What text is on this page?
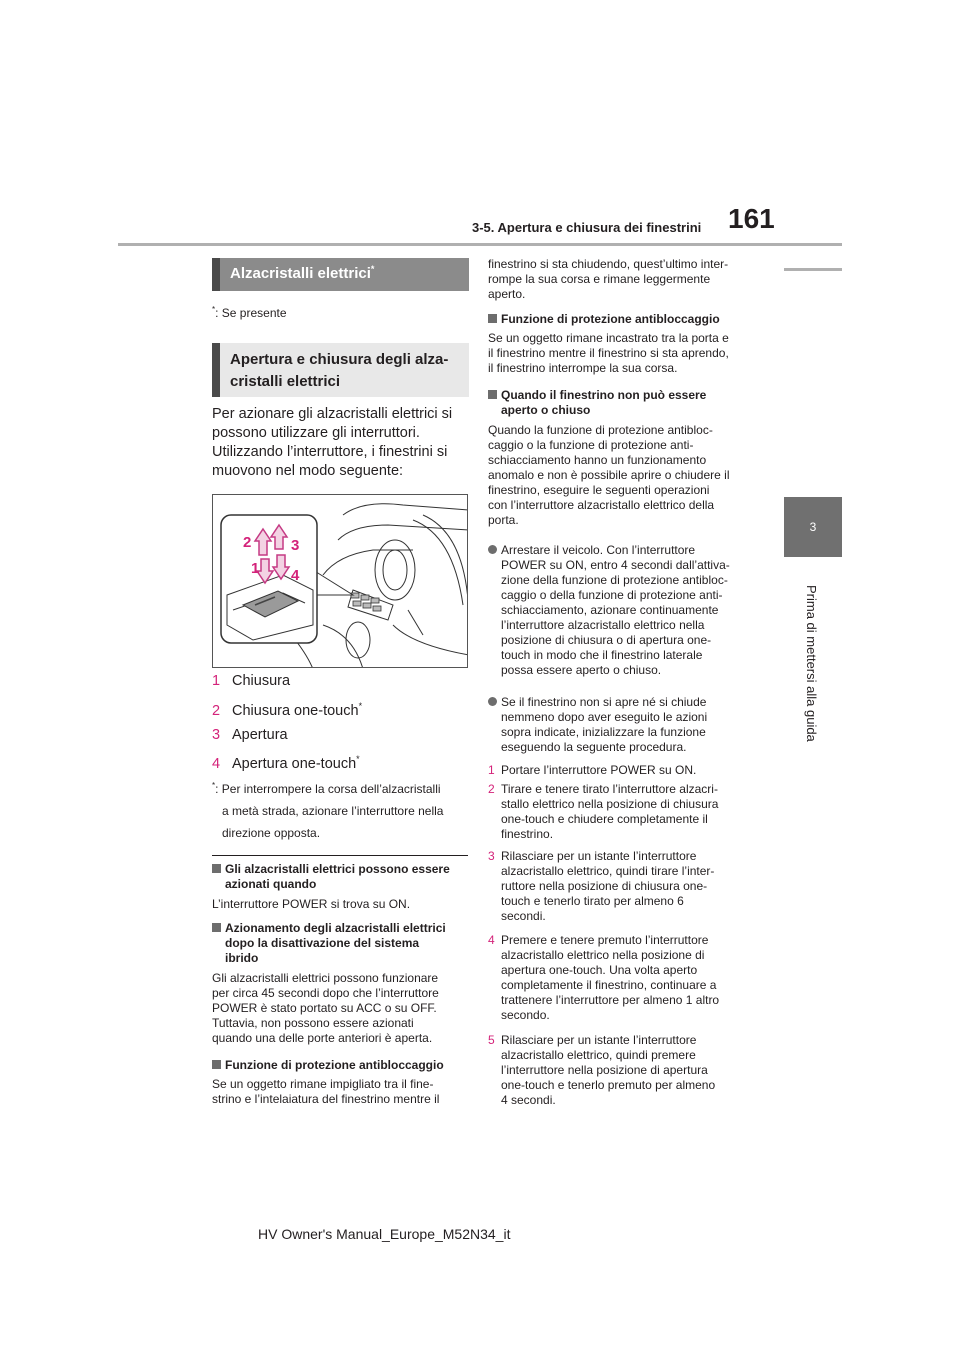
161
3-5. Apertura e chiusura dei finestrini
3
Prima di mettersi alla guida
Alzacristalli elettrici*
*: Se presente
Apertura e chiusura degli alza-
cristalli elettrici
Per azionare gli alzacristalli elettrici si
possono utilizzare gli interruttori.
Utilizzando l’interruttore, i finestrini si
muovono nel modo seguente:
2	3
1 4
1 Chiusura
2 Chiusura one-touch*
3 Apertura
4 Apertura one-touch*
*: Per interrompere la corsa dell’alzacristalli
a metà strada, azionare l’interruttore nella
direzione opposta.
Gli alzacristalli elettrici possono essere
azionati quando
L’interruttore POWER si trova su ON.
Azionamento degli alzacristalli elettrici
dopo la disattivazione del sistema
ibrido
Gli alzacristalli elettrici possono funzionare
per circa 45 secondi dopo che l’interruttore
POWER è stato portato su ACC o su OFF.
Tuttavia, non possono essere azionati
quando una delle porte anteriori è aperta.
Funzione di protezione antibloccaggio
Se un oggetto rimane impigliato tra il fine-
strino e l’intelaiatura del finestrino mentre il
finestrino si sta chiudendo, quest’ultimo inter-
rompe la sua corsa e rimane leggermente
aperto.
Funzione di protezione antibloccaggio
Se un oggetto rimane incastrato tra la porta e
il finestrino mentre il finestrino si sta aprendo,
il finestrino interrompe la sua corsa.
Quando il finestrino non può essere
aperto o chiuso
Quando la funzione di protezione antibloc-
caggio o la funzione di protezione anti-
schiacciamento hanno un funzionamento
anomalo e non è possibile aprire o chiudere il
finestrino, eseguire le seguenti operazioni
con l’interruttore alzacristallo elettrico della
porta.
Arrestare il veicolo. Con l’interruttore
POWER su ON, entro 4 secondi dall’attiva-
zione della funzione di protezione antibloc-
caggio o della funzione di protezione anti-
schiacciamento, azionare continuamente
l’interruttore alzacristallo elettrico nella
posizione di chiusura o di apertura one-
touch in modo che il finestrino laterale
possa essere aperto o chiuso.
Se il finestrino non si apre né si chiude
nemmeno dopo aver eseguito le azioni
sopra indicate, inizializzare la funzione
eseguendo la seguente procedura.
1 Portare l’interruttore POWER su ON.
2 Tirare e tenere tirato l’interruttore alzacri-
stallo elettrico nella posizione di chiusura
one-touch e chiudere completamente il
finestrino.
3 Rilasciare per un istante l’interruttore
alzacristallo elettrico, quindi tirare l’inter-
ruttore nella posizione di chiusura one-
touch e tenerlo tirato per almeno 6
secondi.
4 Premere e tenere premuto l’interruttore
alzacristallo elettrico nella posizione di
apertura one-touch. Una volta aperto
completamente il finestrino, continuare a
trattenere l’interruttore per almeno 1 altro
secondo.
5 Rilasciare per un istante l’interruttore
alzacristallo elettrico, quindi premere
l’interruttore nella posizione di apertura
one-touch e tenerlo premuto per almeno
4 secondi.
HV Owner's Manual_Europe_M52N34_it
